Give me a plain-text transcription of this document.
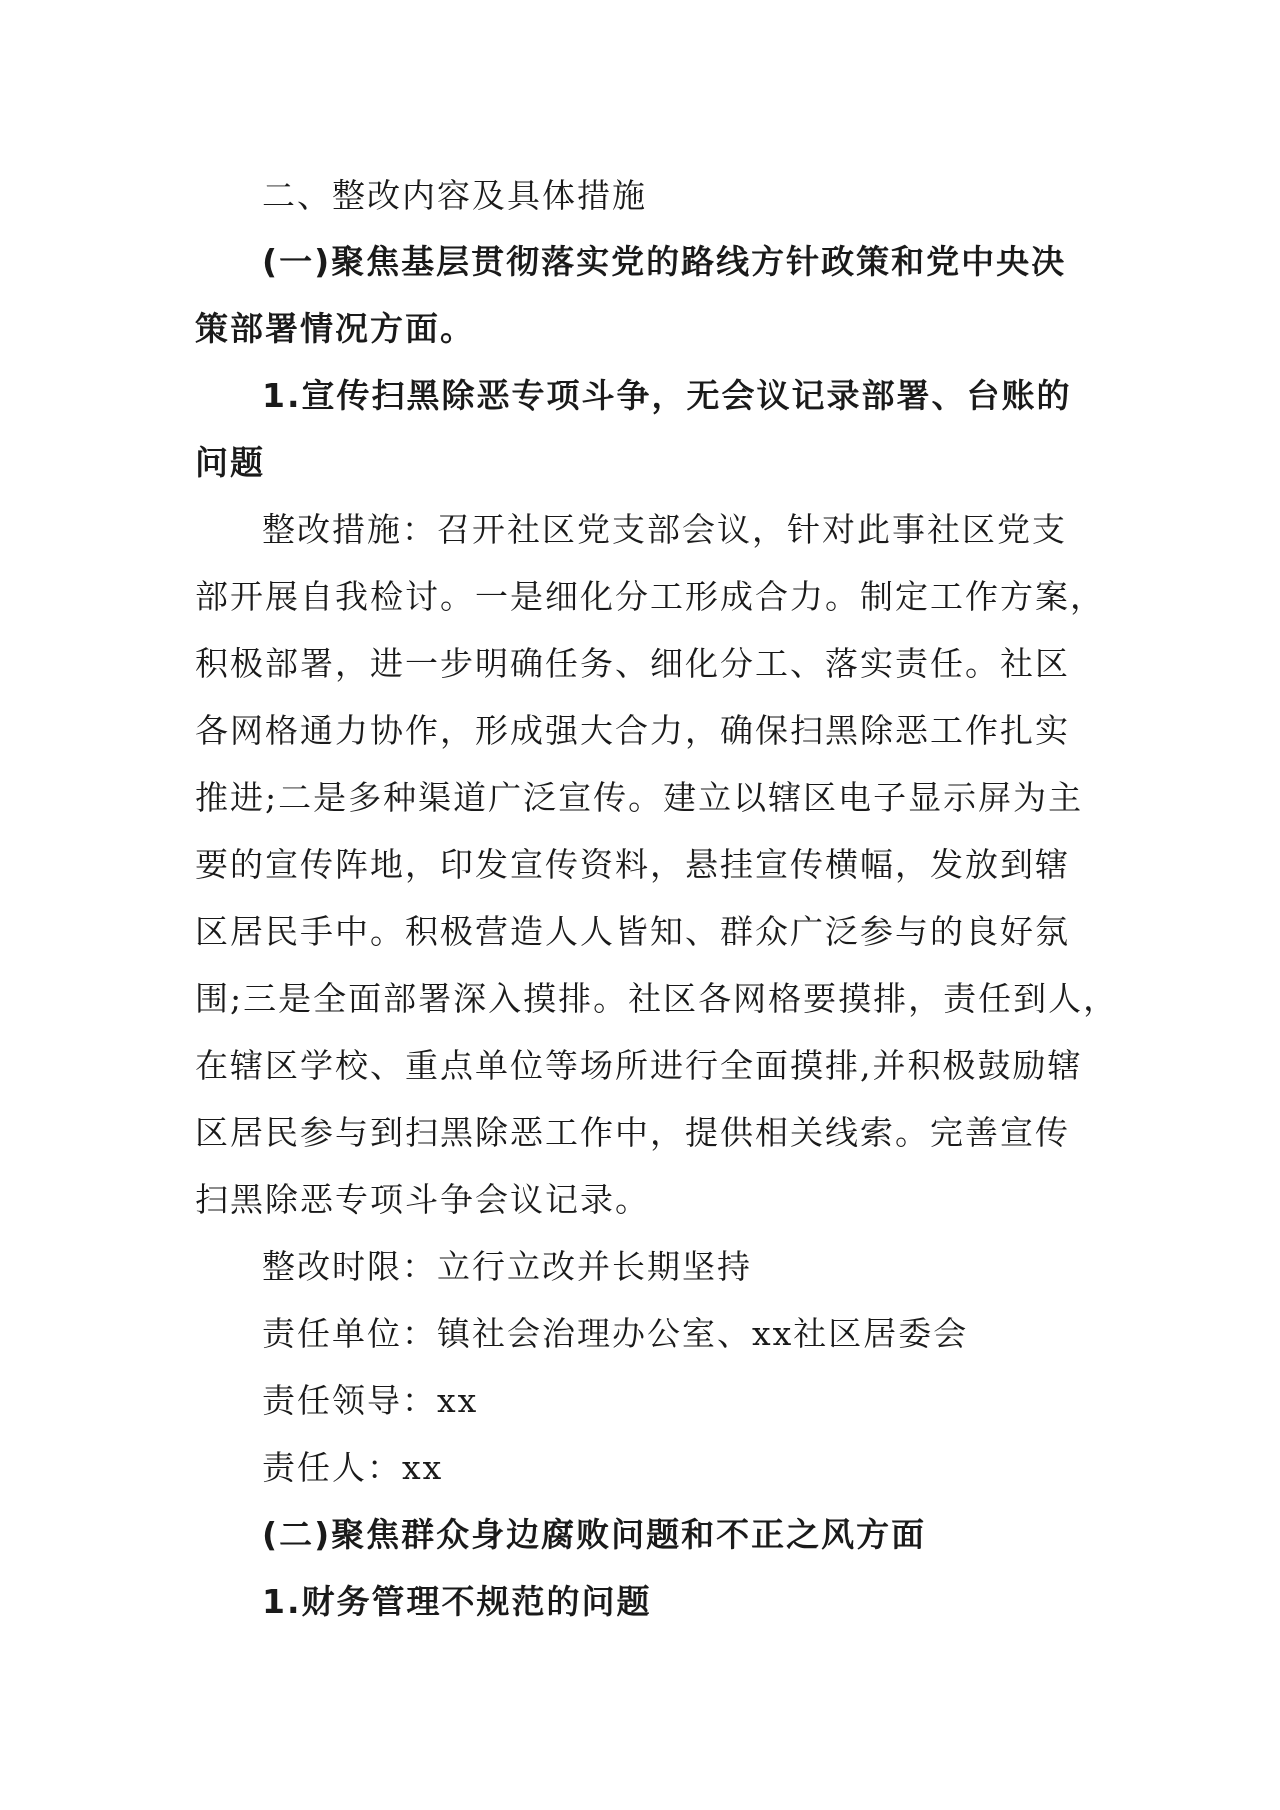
二、整改内容及具体措施
(一)聚焦基层贯彻落实党的路线方针政策和党中央决
策部署情况方面。
1.宣传扫黑除恶专项斗争，无会议记录部署、台账的
问题
整改措施：召开社区党支部会议，针对此事社区党支
部开展自我检讨。一是细化分工形成合力。制定工作方案，
积极部署，进一步明确任务、细化分工、落实责任。社区
各网格通力协作，形成强大合力，确保扫黑除恶工作扎实
推进;二是多种渠道广泛宣传。建立以辖区电子显示屏为主
要的宣传阵地，印发宣传资料，悬挂宣传横幅，发放到辖
区居民手中。积极营造人人皆知、群众广泛参与的良好氛
围;三是全面部署深入摸排。社区各网格要摸排，责任到人，
在辖区学校、重点单位等场所进行全面摸排,并积极鼓励辖
区居民参与到扫黑除恶工作中，提供相关线索。完善宣传
扫黑除恶专项斗争会议记录。
整改时限：立行立改并长期坚持
责任单位：镇社会治理办公室、xx社区居委会
责任领导：xx
责任人：xx
(二)聚焦群众身边腐败问题和不正之风方面
1.财务管理不规范的问题
